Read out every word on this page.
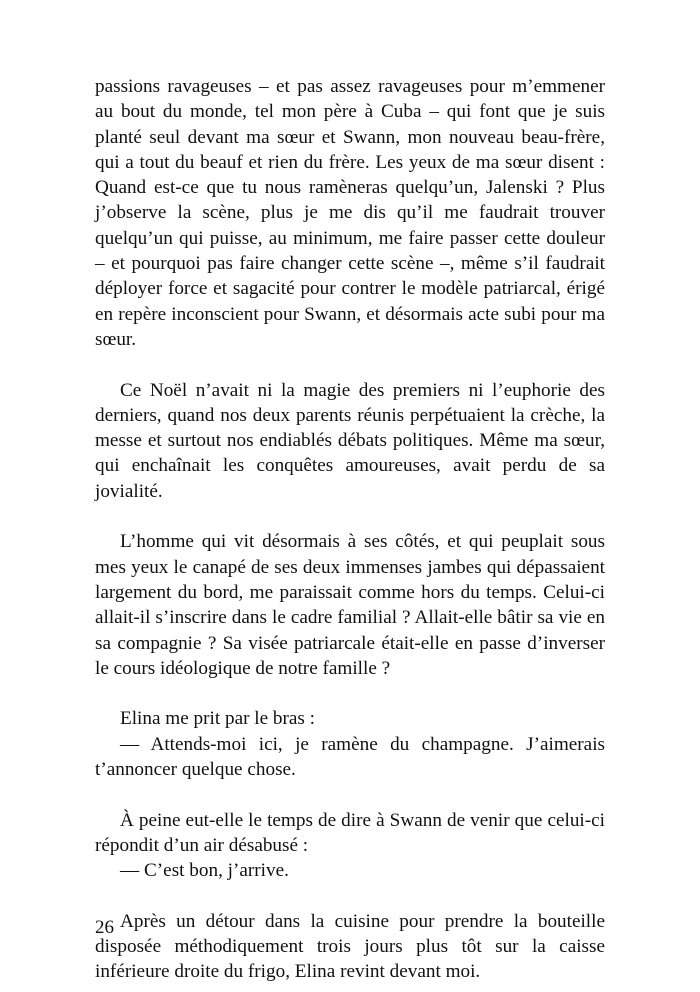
passions ravageuses – et pas assez ravageuses pour m’emmener au bout du monde, tel mon père à Cuba – qui font que je suis planté seul devant ma sœur et Swann, mon nouveau beau-frère, qui a tout du beauf et rien du frère. Les yeux de ma sœur disent : Quand est-ce que tu nous ramèneras quelqu’un, Jalenski ? Plus j’observe la scène, plus je me dis qu’il me faudrait trouver quelqu’un qui puisse, au minimum, me faire passer cette douleur – et pourquoi pas faire changer cette scène –, même s’il faudrait déployer force et sagacité pour contrer le modèle patriarcal, érigé en repère inconscient pour Swann, et désormais acte subi pour ma sœur.

Ce Noël n’avait ni la magie des premiers ni l’euphorie des derniers, quand nos deux parents réunis perpétuaient la crèche, la messe et surtout nos endiablés débats politiques. Même ma sœur, qui enchaînait les conquêtes amoureuses, avait perdu de sa jovialité.

L’homme qui vit désormais à ses côtés, et qui peuplait sous mes yeux le canapé de ses deux immenses jambes qui dépassaient largement du bord, me paraissait comme hors du temps. Celui-ci allait-il s’inscrire dans le cadre familial ? Allait-elle bâtir sa vie en sa compagnie ? Sa visée patriarcale était-elle en passe d’inverser le cours idéologique de notre famille ?

Elina me prit par le bras :

— Attends-moi ici, je ramène du champagne. J’aimerais t’annoncer quelque chose.

À peine eut-elle le temps de dire à Swann de venir que celui-ci répondit d’un air désabusé :

— C’est bon, j’arrive.

Après un détour dans la cuisine pour prendre la bouteille disposée méthodiquement trois jours plus tôt sur la caisse inférieure droite du frigo, Elina revint devant moi.

26
